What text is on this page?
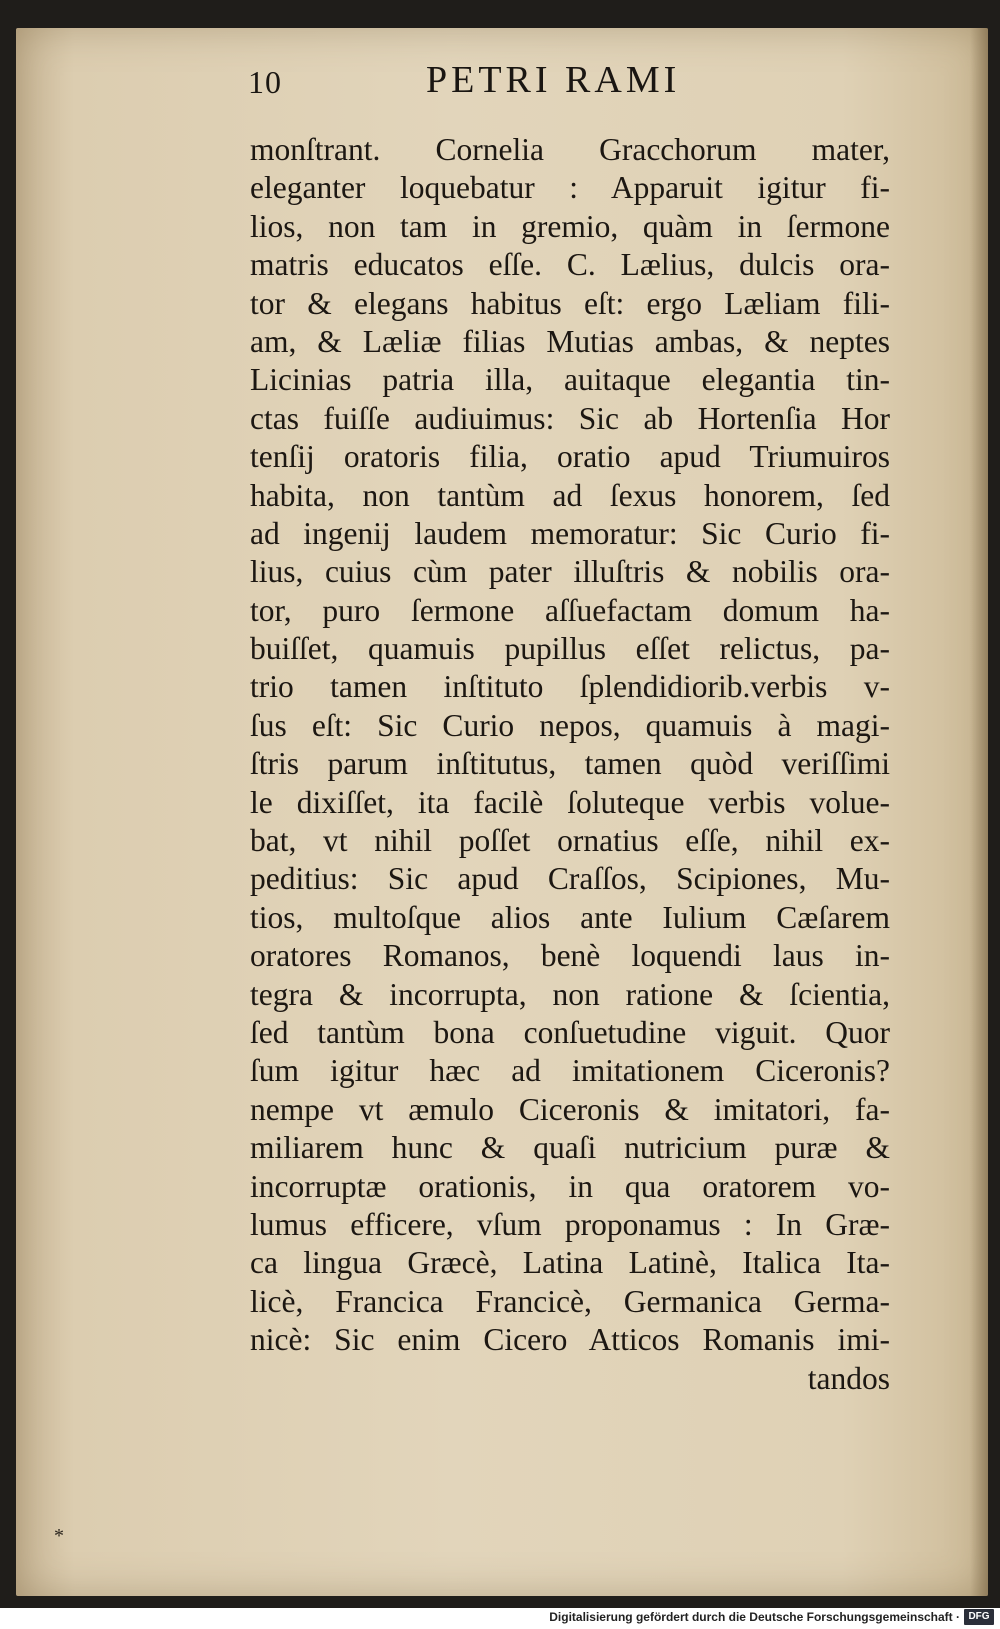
10	PETRI RAMI
monſtrant. Cornelia Gracchorum mater,
eleganter loquebatur : Apparuit igitur fi-
lios, non tam in gremio, quàm in ſermone
matris educatos eſſe. C. Lælius, dulcis ora-
tor & elegans habitus eſt: ergo Læliam fili-
am, & Læliæ filias Mutias ambas, & neptes
Licinias patria illa, auitaque elegantia tin-
ctas fuiſſe audiuimus: Sic ab Hortenſia Hor
tenſij oratoris filia, oratio apud Triumuiros
habita, non tantùm ad ſexus honorem, ſed
ad ingenij laudem memoratur: Sic Curio fi-
lius, cuius cùm pater illuſtris & nobilis ora-
tor, puro ſermone aſſuefactam domum ha-
buiſſet, quamuis pupillus eſſet relictus, pa-
trio tamen inſtituto ſplendidiorib.verbis v-
ſus eſt: Sic Curio nepos, quamuis à magi-
ſtris parum inſtitutus, tamen quòd veriſſimi
le dixiſſet, ita facilè ſoluteque verbis volue-
bat, vt nihil poſſet ornatius eſſe, nihil ex-
peditius: Sic apud Craſſos, Scipiones, Mu-
tios, multoſque alios ante Iulium Cæſarem
oratores Romanos, benè loquendi laus in-
tegra & incorrupta, non ratione & ſcientia,
ſed tantùm bona conſuetudine viguit. Quor
ſum igitur hæc ad imitationem Ciceronis?
nempe vt æmulo Ciceronis & imitatori, fa-
miliarem hunc & quaſi nutricium puræ &
incorruptæ orationis, in qua oratorem vo-
lumus efficere, vſum proponamus : In Græ-
ca lingua Græcè, Latina Latinè, Italica Ita-
licè, Francica Francicè, Germanica Germa-
nicè: Sic enim Cicero Atticos Romanis imi-
tandos
*
Digitalisierung gefördert durch die Deutsche Forschungsgemeinschaft · DFG
